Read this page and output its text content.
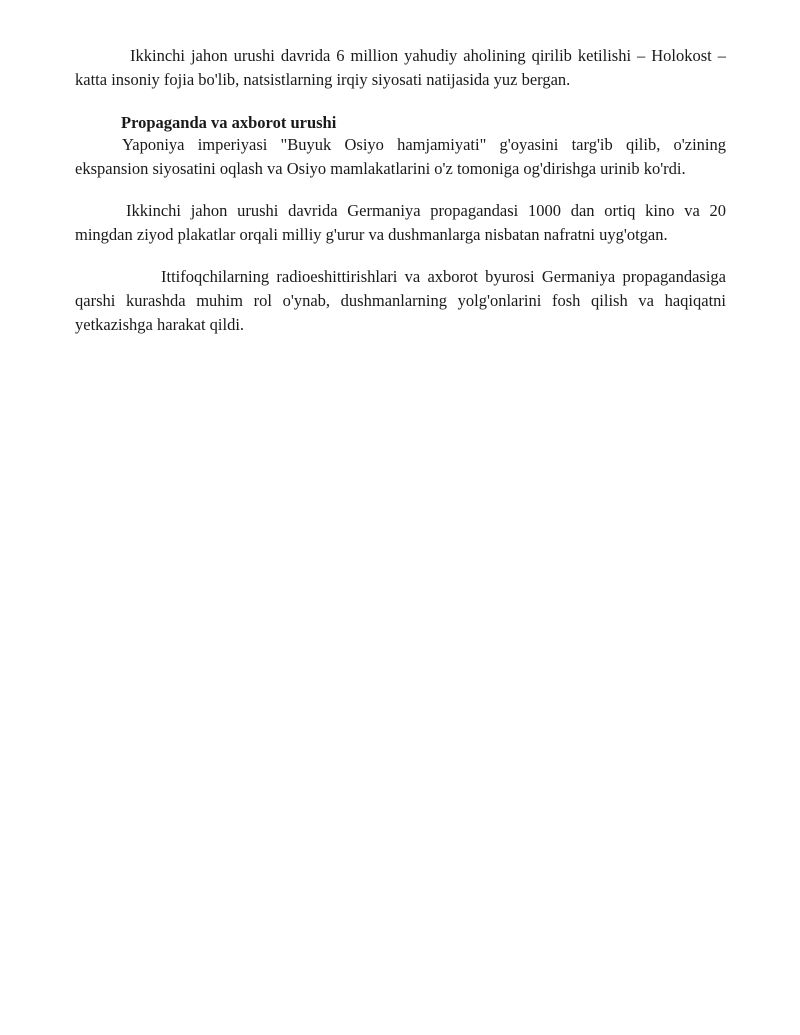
Ikkinchi jahon urushi davrida 6 million yahudiy aholining qirilib ketilishi – Holokost – katta insoniy fojia bo'lib, natsistlarning irqiy siyosati natijasida yuz bergan.

Propaganda va axborot urushi

Yaponiya imperiyasi "Buyuk Osiyo hamjamiyati" g'oyasini targ'ib qilib, o'zining ekspansion siyosatini oqlash va Osiyo mamlakatlarini o'z tomoniga og'dirishga urinib ko'rdi.

Ikkinchi jahon urushi davrida Germaniya propagandasi 1000 dan ortiq kino va 20 mingdan ziyod plakatlar orqali milliy g'urur va dushmanlarga nisbatan nafratni uyg'otgan.

Ittifoqchilarning radioeshittirishlari va axborot byurosi Germaniya propagandasiga qarshi kurashda muhim rol o'ynab, dushmanlarning yolg'onlarini fosh qilish va haqiqatni yetkazishga harakat qildi.
